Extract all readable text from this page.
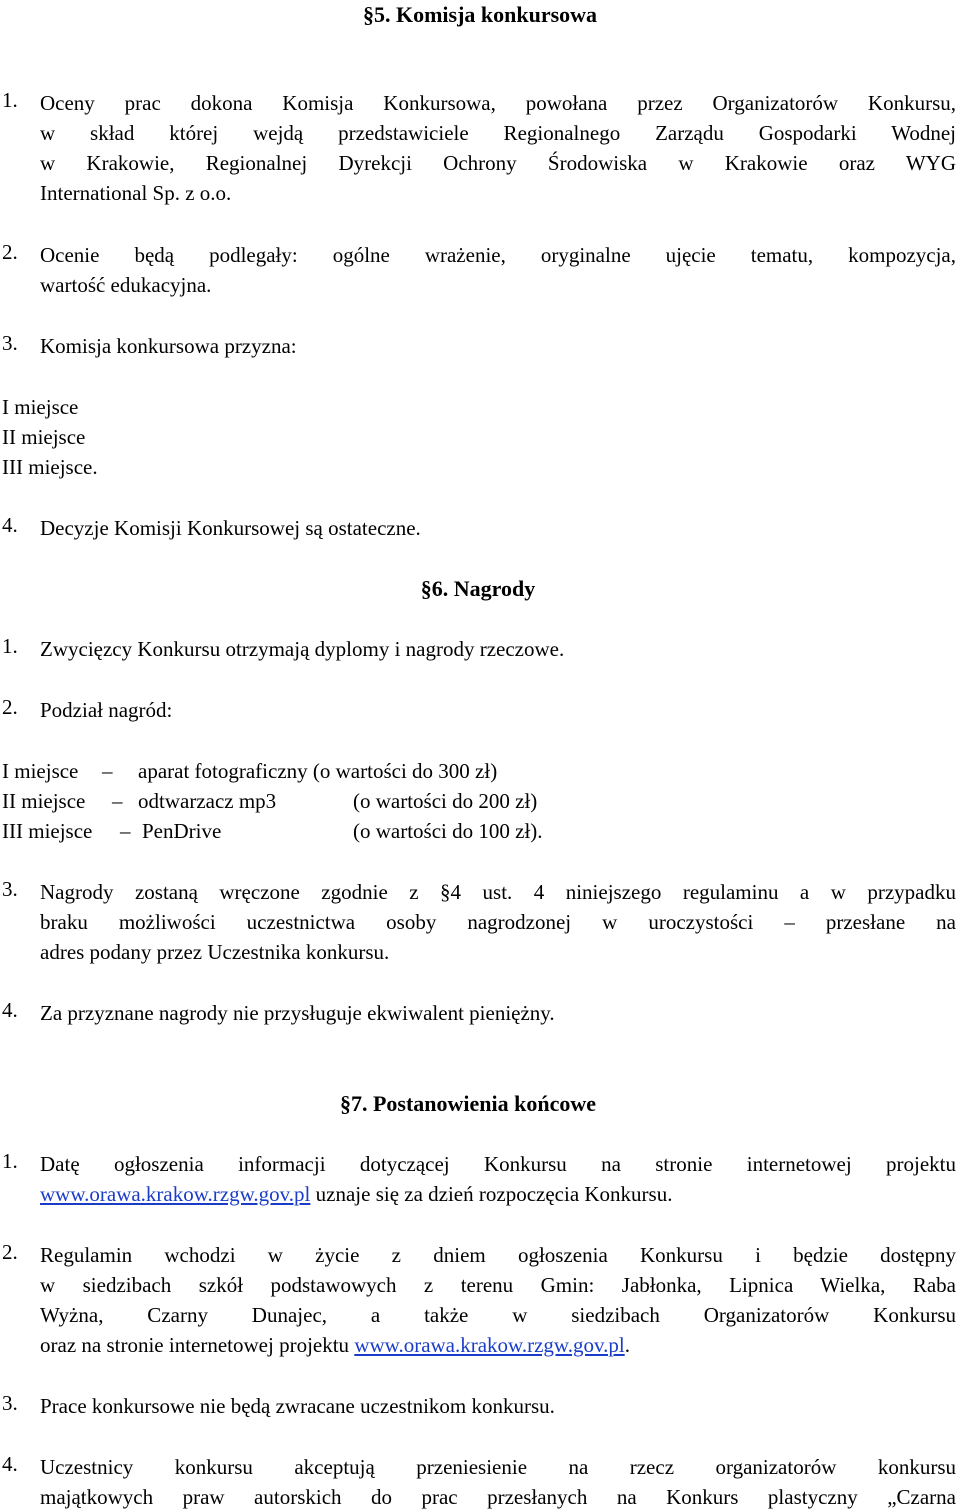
§5. Komisja konkursowa
1. Oceny prac dokona Komisja Konkursowa, powołana przez Organizatorów Konkursu,
w skład której wejdą przedstawiciele Regionalnego Zarządu Gospodarki Wodnej
w Krakowie, Regionalnej Dyrekcji Ochrony Środowiska w Krakowie oraz WYG
International Sp. z o.o.
2. Ocenie będą podlegały: ogólne wrażenie, oryginalne ujęcie tematu, kompozycja,
wartość edukacyjna.
3. Komisja konkursowa przyzna:
I miejsce
II miejsce
III miejsce.
4. Decyzje Komisji Konkursowej są ostateczne.
§6. Nagrody
1. Zwycięzcy Konkursu otrzymają dyplomy i nagrody rzeczowe.
2. Podział nagród:
I miejsce – aparat fotograficzny (o wartości do 300 zł)
II miejsce – odtwarzacz mp3	(o wartości do 200 zł)
III miejsce – PenDrive	(o wartości do 100 zł).
3. Nagrody zostaną wręczone zgodnie z §4 ust. 4 niniejszego regulaminu a w przypadku
braku możliwości uczestnictwa osoby nagrodzonej w uroczystości – przesłane na
adres podany przez Uczestnika konkursu.
4. Za przyznane nagrody nie przysługuje ekwiwalent pieniężny.
§7. Postanowienia końcowe
1. Datę ogłoszenia informacji dotyczącej Konkursu na stronie internetowej projektu
www.orawa.krakow.rzgw.gov.pl uznaje się za dzień rozpoczęcia Konkursu.
2. Regulamin wchodzi w życie z dniem ogłoszenia Konkursu i będzie dostępny
w siedzibach szkół podstawowych z terenu Gmin: Jabłonka, Lipnica Wielka, Raba
Wyżna, Czarny Dunajec, a także w siedzibach Organizatorów Konkursu
oraz na stronie internetowej projektu www.orawa.krakow.rzgw.gov.pl.
3. Prace konkursowe nie będą zwracane uczestnikom konkursu.
4. Uczestnicy konkursu akceptują przeniesienie na rzecz organizatorów konkursu
majątkowych praw autorskich do prac przesłanych na Konkurs plastyczny „Czarna
